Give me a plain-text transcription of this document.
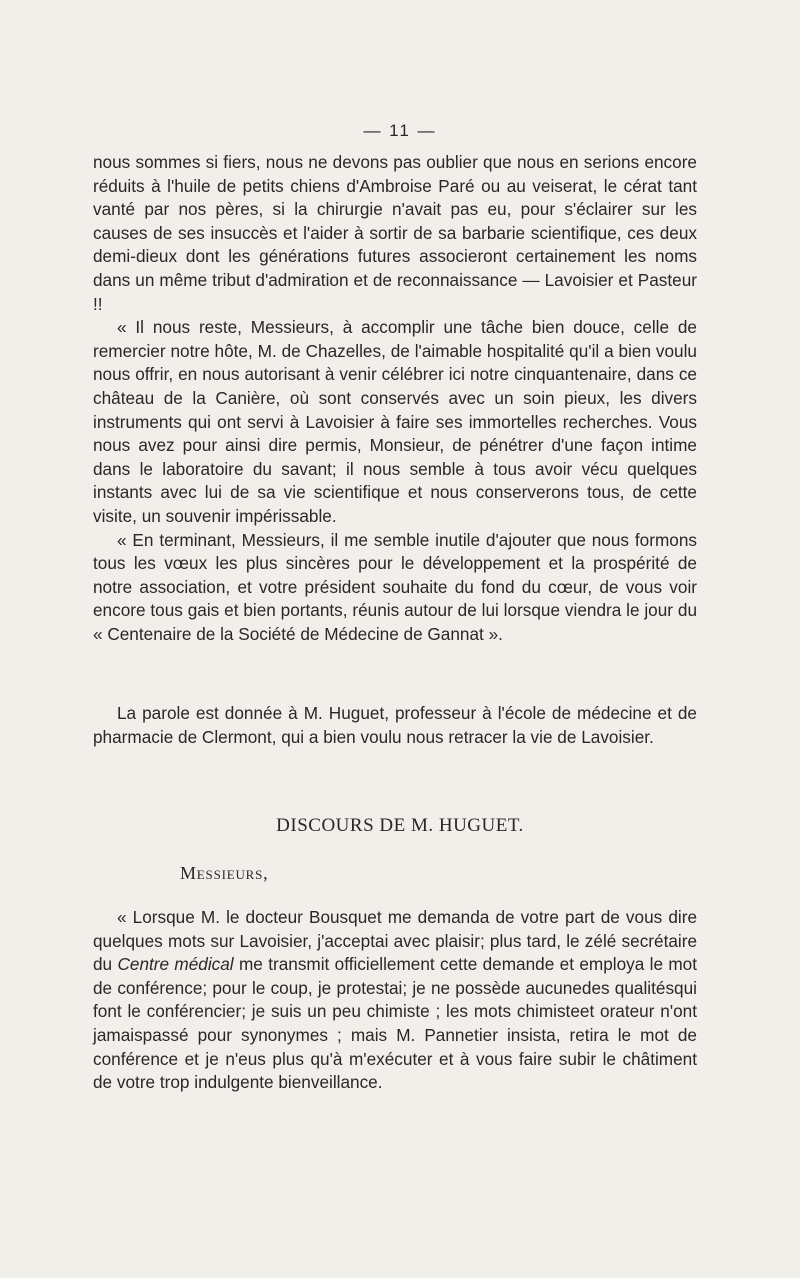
— 11 —

nous sommes si fiers, nous ne devons pas oublier que nous en serions encore réduits à l'huile de petits chiens d'Ambroise Paré ou au veiserat, le cérat tant vanté par nos pères, si la chirurgie n'avait pas eu, pour s'éclairer sur les causes de ses insuccès et l'aider à sortir de sa barbarie scientifique, ces deux demi-dieux dont les générations futures associeront certainement les noms dans un même tribut d'admiration et de reconnaissance — Lavoisier et Pasteur !!

« Il nous reste, Messieurs, à accomplir une tâche bien douce, celle de remercier notre hôte, M. de Chazelles, de l'aimable hospitalité qu'il a bien voulu nous offrir, en nous autorisant à venir célébrer ici notre cinquantenaire, dans ce château de la Canière, où sont conservés avec un soin pieux, les divers instruments qui ont servi à Lavoisier à faire ses immortelles recherches. Vous nous avez pour ainsi dire permis, Monsieur, de pénétrer d'une façon intime dans le laboratoire du savant; il nous semble à tous avoir vécu quelques instants avec lui de sa vie scientifique et nous conserverons tous, de cette visite, un souvenir impérissable.

« En terminant, Messieurs, il me semble inutile d'ajouter que nous formons tous les vœux les plus sincères pour le développement et la prospérité de notre association, et votre président souhaite du fond du cœur, de vous voir encore tous gais et bien portants, réunis autour de lui lorsque viendra le jour du « Centenaire de la Société de Médecine de Gannat ».

La parole est donnée à M. Huguet, professeur à l'école de médecine et de pharmacie de Clermont, qui a bien voulu nous retracer la vie de Lavoisier.

DISCOURS DE M. HUGUET.
Messieurs,

« Lorsque M. le docteur Bousquet me demanda de votre part de vous dire quelques mots sur Lavoisier, j'acceptai avec plaisir; plus tard, le zélé secrétaire du Centre médical me transmit officiellement cette demande et employa le mot de conférence; pour le coup, je protestai; je ne possède aucunedes qualitésqui font le conférencier; je suis un peu chimiste ; les mots chimisteet orateur n'ont jamaispassé pour synonymes ; mais M. Pannetier insista, retira le mot de conférence et je n'eus plus qu'à m'exécuter et à vous faire subir le châtiment de votre trop indulgente bienveillance.
